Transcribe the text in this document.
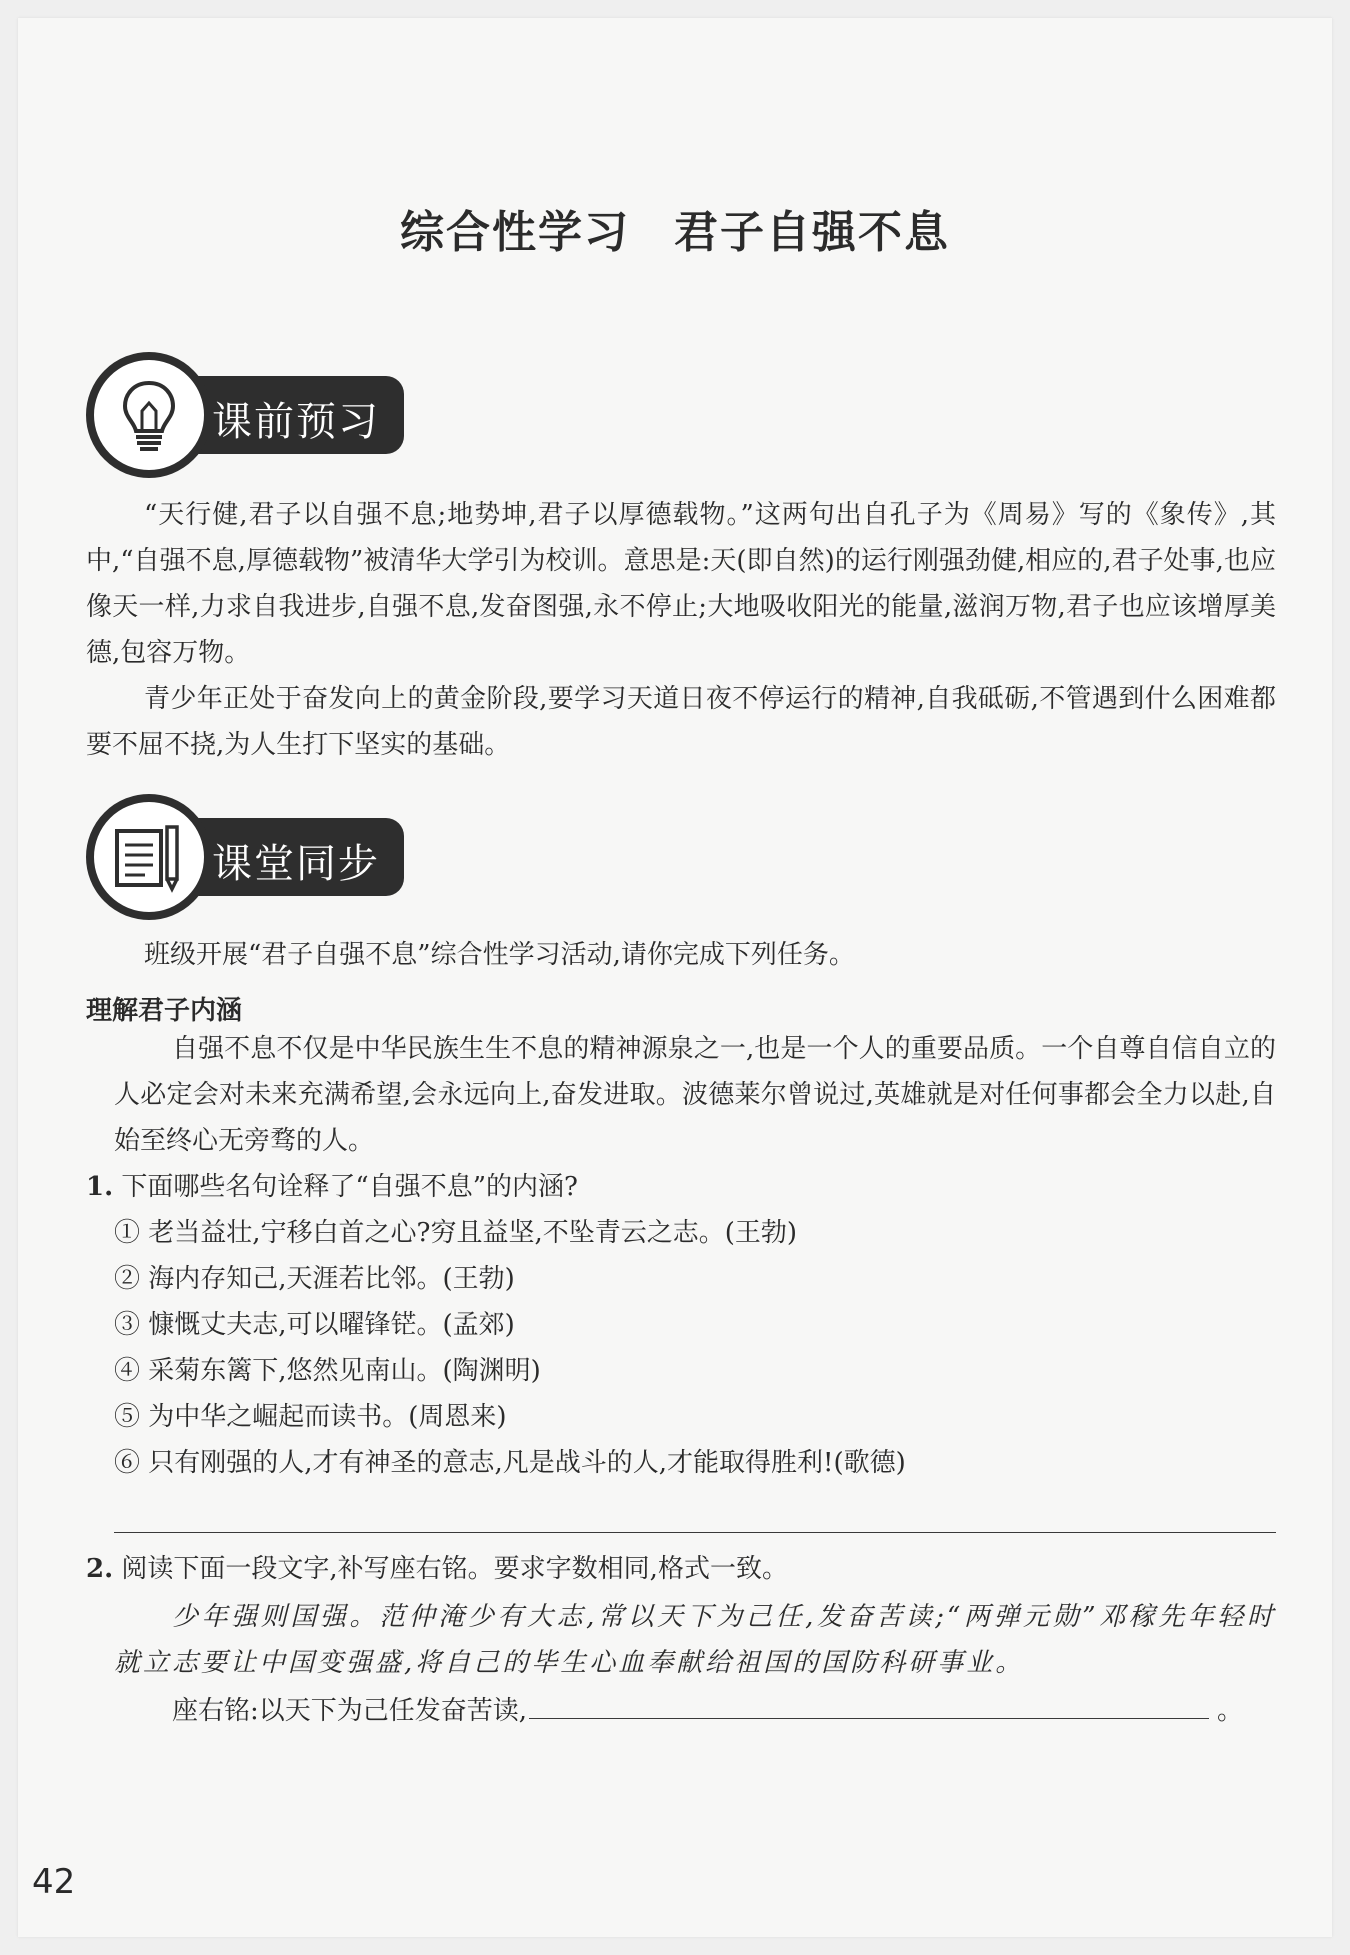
综合性学习 君子自强不息
课前预习
“天行健,君子以自强不息;地势坤,君子以厚德载物。”这两句出自孔子为《周易》写的《象传》,其中,“自强不息,厚德载物”被清华大学引为校训。意思是:天(即自然)的运行刚强劲健,相应的,君子处事,也应像天一样,力求自我进步,自强不息,发奋图强,永不停止;大地吸收阳光的能量,滋润万物,君子也应该增厚美德,包容万物。
青少年正处于奋发向上的黄金阶段,要学习天道日夜不停运行的精神,自我砥砺,不管遇到什么困难都要不屈不挠,为人生打下坚实的基础。
课堂同步
班级开展“君子自强不息”综合性学习活动,请你完成下列任务。
理解君子内涵
自强不息不仅是中华民族生生不息的精神源泉之一,也是一个人的重要品质。一个自尊自信自立的人必定会对未来充满希望,会永远向上,奋发进取。波德莱尔曾说过,英雄就是对任何事都会全力以赴,自始至终心无旁骛的人。
1. 下面哪些名句诠释了“自强不息”的内涵?
① 老当益壮,宁移白首之心?穷且益坚,不坠青云之志。(王勃)
② 海内存知己,天涯若比邻。(王勃)
③ 慷慨丈夫志,可以曜锋铓。(孟郊)
④ 采菊东篱下,悠然见南山。(陶渊明)
⑤ 为中华之崛起而读书。(周恩来)
⑥ 只有刚强的人,才有神圣的意志,凡是战斗的人,才能取得胜利!(歌德)
2. 阅读下面一段文字,补写座右铭。要求字数相同,格式一致。
少年强则国强。范仲淹少有大志,常以天下为己任,发奋苦读;“两弹元勋”邓稼先年轻时就立志要让中国变强盛,将自己的毕生心血奉献给祖国的国防科研事业。
座右铭:以天下为己任发奋苦读,	。
42
